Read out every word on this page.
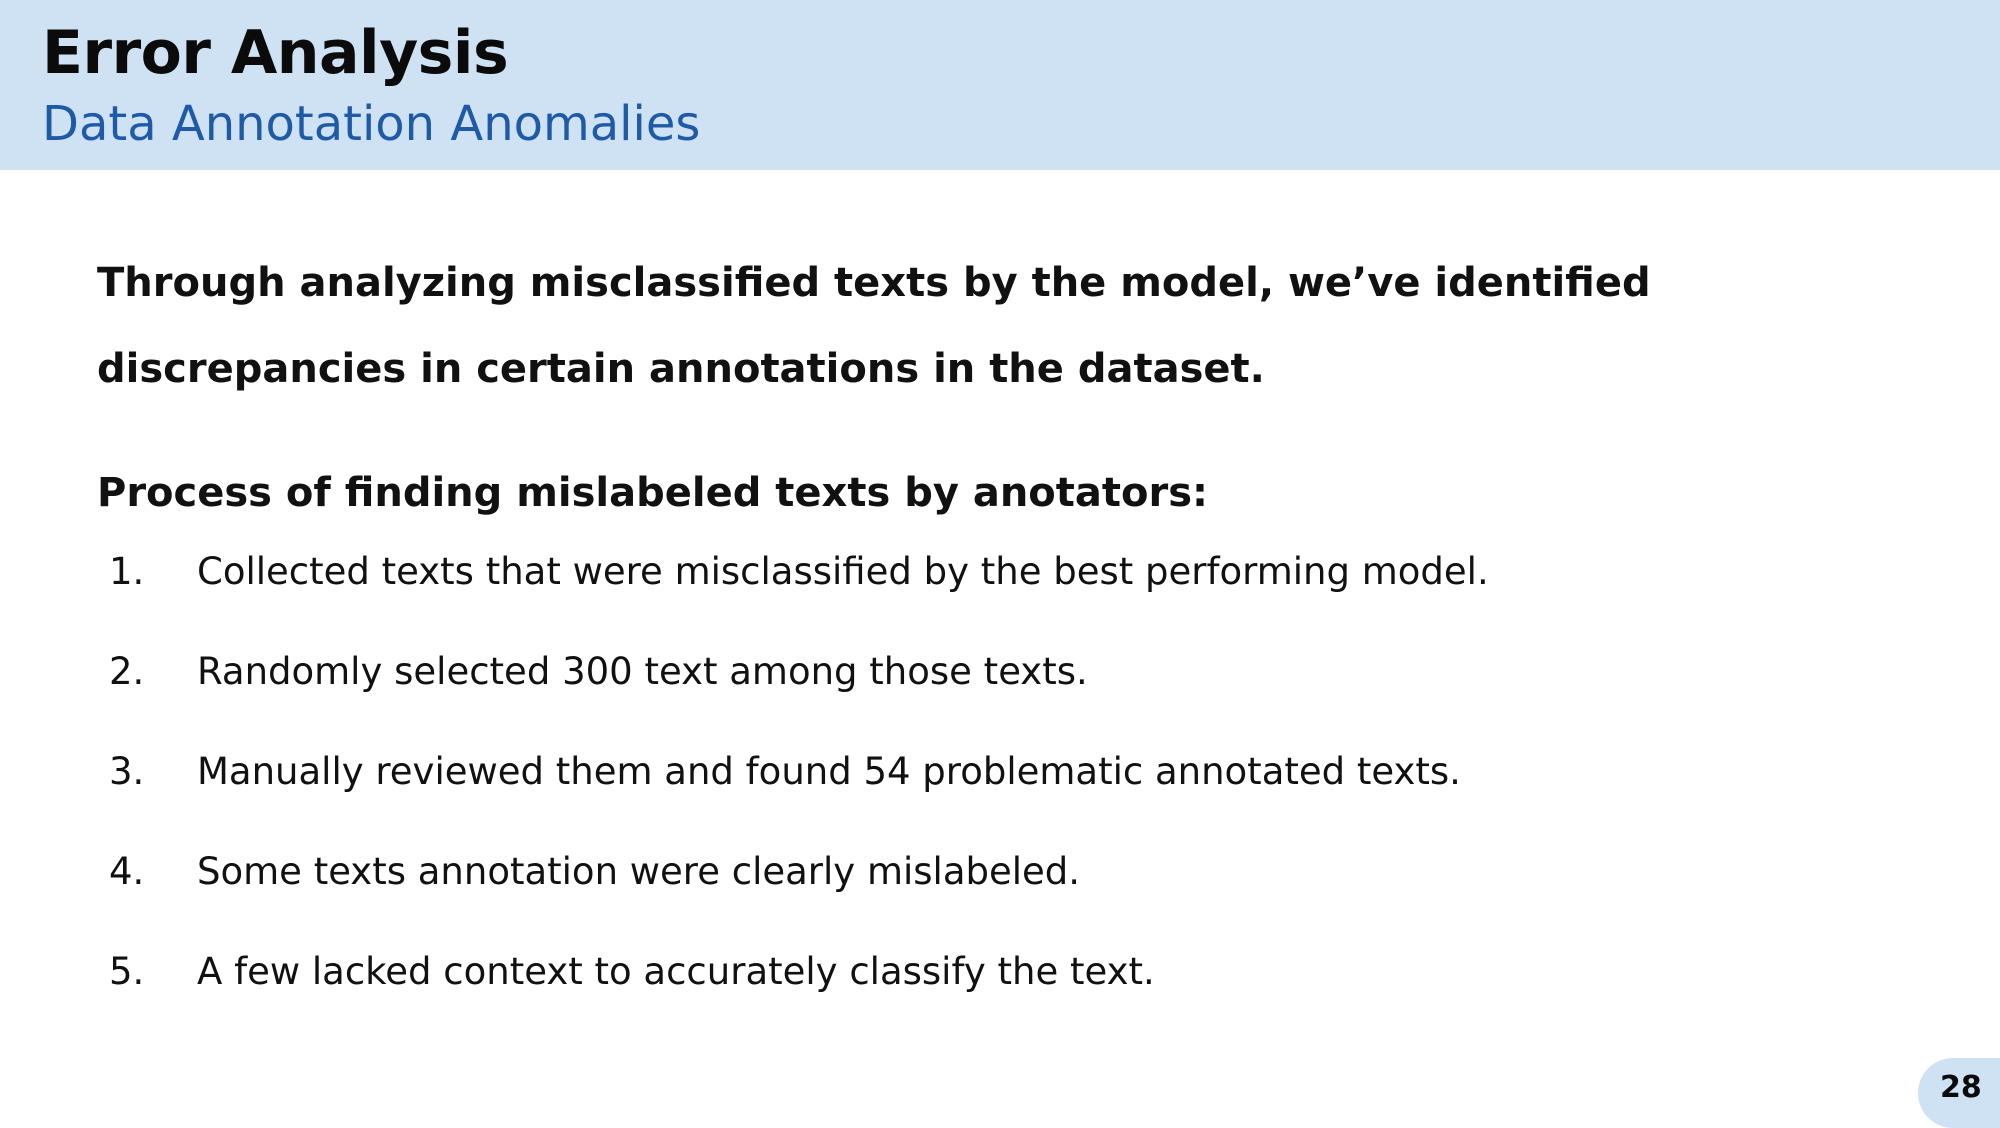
Error Analysis
Data Annotation Anomalies

Through analyzing misclassified texts by the model, we’ve identified discrepancies in certain annotations in the dataset.

Process of finding mislabeled texts by anotators:
1.	Collected texts that were misclassified by the best performing model.
2.	Randomly selected 300 text among those texts.
3.	Manually reviewed them and found 54 problematic annotated texts.
4.	Some texts annotation were clearly mislabeled.
5.	A few lacked context to accurately classify the text.
28
